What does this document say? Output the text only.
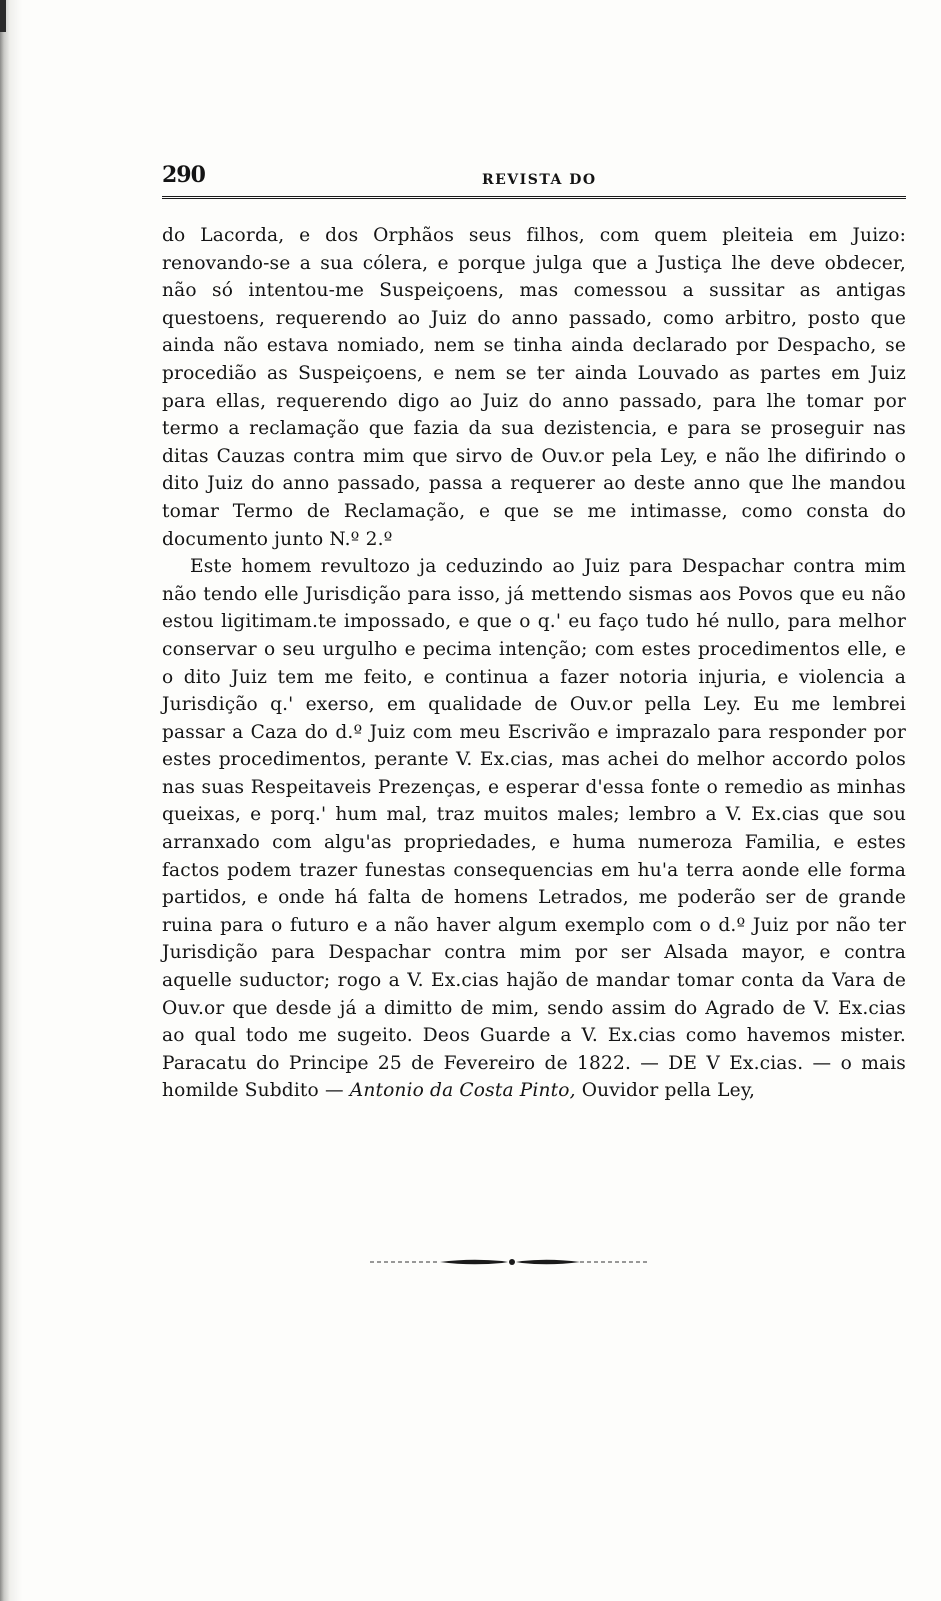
290	REVISTA DO

do Lacorda, e dos Orphãos seus filhos, com quem pleiteia em Juizo: renovando-se a sua cólera, e porque julga que a Justiça lhe deve obdecer, não só intentou-me Suspeiçoens, mas comessou a sussitar as antigas questoens, requerendo ao Juiz do anno passado, como arbitro, posto que ainda não estava nomiado, nem se tinha ainda declarado por Despacho, se procedião as Suspeiçoens, e nem se ter ainda Louvado as partes em Juiz para ellas, requerendo digo ao Juiz do anno passado, para lhe tomar por termo a reclamação que fazia da sua dezistencia, e para se proseguir nas ditas Cauzas contra mim que sirvo de Ouv.or pela Ley, e não lhe difirindo o dito Juiz do anno passado, passa a requerer ao deste anno que lhe mandou tomar Termo de Reclamação, e que se me intimasse, como consta do documento junto N.º 2.º

Este homem revultozo ja ceduzindo ao Juiz para Despachar contra mim não tendo elle Jurisdição para isso, já mettendo sismas aos Povos que eu não estou ligitimam.te impossado, e que o q.' eu faço tudo hé nullo, para melhor conservar o seu urgulho e pecima intenção; com estes procedimentos elle, e o dito Juiz tem me feito, e continua a fazer notoria injuria, e violencia a Jurisdição q.' exerso, em qualidade de Ouv.or pella Ley. Eu me lembrei passar a Caza do d.º Juiz com meu Escrivão e imprazalo para responder por estes procedimentos, perante V. Ex.cias, mas achei do melhor accordo polos nas suas Respeitaveis Prezenças, e esperar d'essa fonte o remedio as minhas queixas, e porq.' hum mal, traz muitos males; lembro a V. Ex.cias que sou arranxado com algu'as propriedades, e huma numeroza Familia, e estes factos podem trazer funestas consequencias em hu'a terra aonde elle forma partidos, e onde há falta de homens Letrados, me poderão ser de grande ruina para o futuro e a não haver algum exemplo com o d.º Juiz por não ter Jurisdição para Despachar contra mim por ser Alsada mayor, e contra aquelle suductor; rogo a V. Ex.cias hajão de mandar tomar conta da Vara de Ouv.or que desde já a dimitto de mim, sendo assim do Agrado de V. Ex.cias ao qual todo me sugeito. Deos Guarde a V. Ex.cias como havemos mister. Paracatu do Principe 25 de Fevereiro de 1822. — DE V Ex.cias. — o mais homilde Subdito — Antonio da Costa Pinto, Ouvidor pella Ley,
